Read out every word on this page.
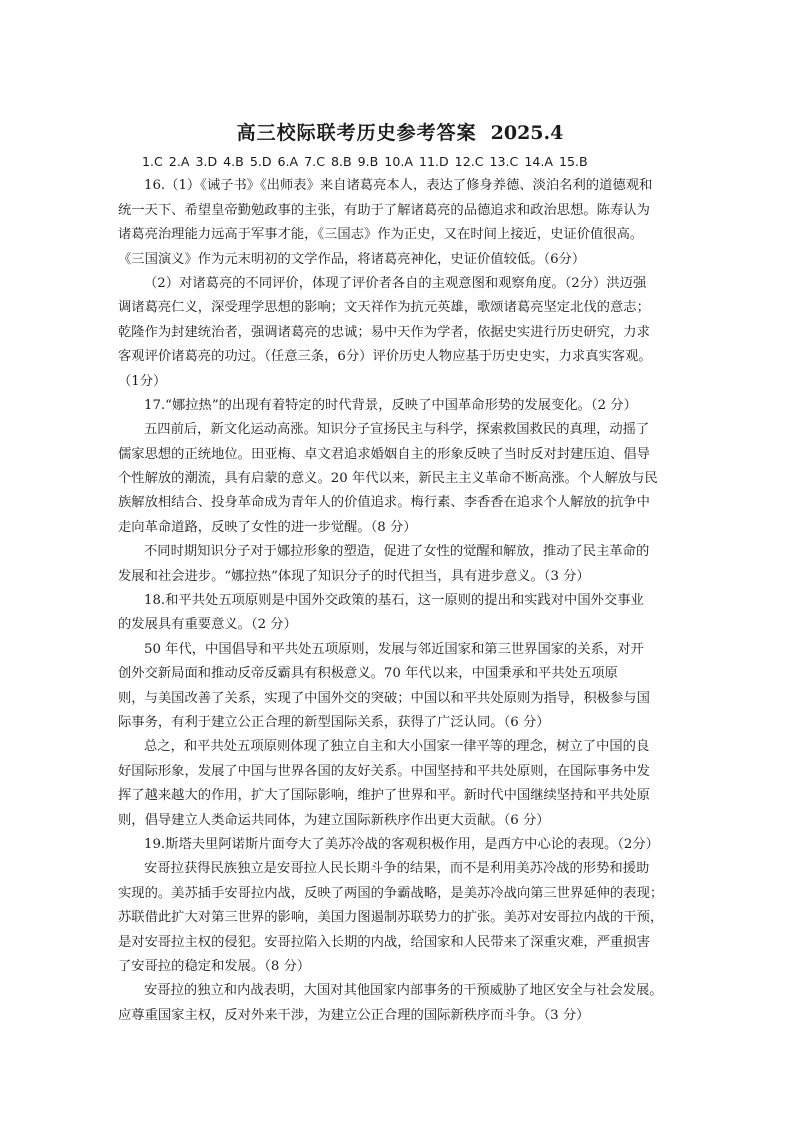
高三校际联考历史参考答案 2025.4
1.C 2.A 3.D 4.B 5.D 6.A 7.C 8.B 9.B 10.A 11.D 12.C 13.C 14.A 15.B
16.（1）《诫子书》《出师表》来自诸葛亮本人，表达了修身养德、淡泊名利的道德观和
统一天下、希望皇帝勤勉政事的主张，有助于了解诸葛亮的品德追求和政治思想。陈寿认为
诸葛亮治理能力远高于军事才能，《三国志》作为正史，又在时间上接近，史证价值很高。
《三国演义》作为元末明初的文学作品，将诸葛亮神化，史证价值较低。（6分）
（2）对诸葛亮的不同评价，体现了评价者各自的主观意图和观察角度。（2分）洪迈强
调诸葛亮仁义，深受理学思想的影响；文天祥作为抗元英雄，歌颂诸葛亮坚定北伐的意志；
乾隆作为封建统治者，强调诸葛亮的忠诚；易中天作为学者，依据史实进行历史研究，力求
客观评价诸葛亮的功过。（任意三条，6分）评价历史人物应基于历史史实，力求真实客观。
（1分）
17.“娜拉热”的出现有着特定的时代背景，反映了中国革命形势的发展变化。（2 分）
五四前后，新文化运动高涨。知识分子宣扬民主与科学，探索救国救民的真理，动摇了
儒家思想的正统地位。田亚梅、卓文君追求婚姻自主的形象反映了当时反对封建压迫、倡导
个性解放的潮流，具有启蒙的意义。20 年代以来，新民主主义革命不断高涨。个人解放与民
族解放相结合、投身革命成为青年人的价值追求。梅行素、李香香在追求个人解放的抗争中
走向革命道路，反映了女性的进一步觉醒。（8 分）
不同时期知识分子对于娜拉形象的塑造，促进了女性的觉醒和解放，推动了民主革命的
发展和社会进步。“娜拉热”体现了知识分子的时代担当，具有进步意义。（3 分）
18.和平共处五项原则是中国外交政策的基石，这一原则的提出和实践对中国外交事业
的发展具有重要意义。（2 分）
50 年代，中国倡导和平共处五项原则，发展与邻近国家和第三世界国家的关系，对开
创外交新局面和推动反帝反霸具有积极意义。70 年代以来，中国秉承和平共处五项原
则，与美国改善了关系，实现了中国外交的突破；中国以和平共处原则为指导，积极参与国
际事务，有利于建立公正合理的新型国际关系，获得了广泛认同。（6 分）
总之，和平共处五项原则体现了独立自主和大小国家一律平等的理念，树立了中国的良
好国际形象，发展了中国与世界各国的友好关系。中国坚持和平共处原则，在国际事务中发
挥了越来越大的作用，扩大了国际影响，维护了世界和平。新时代中国继续坚持和平共处原
则，倡导建立人类命运共同体，为建立国际新秩序作出更大贡献。（6 分）
19.斯塔夫里阿诺斯片面夸大了美苏冷战的客观积极作用，是西方中心论的表现。（2分）
安哥拉获得民族独立是安哥拉人民长期斗争的结果，而不是利用美苏冷战的形势和援助
实现的。美苏插手安哥拉内战，反映了两国的争霸战略，是美苏冷战向第三世界延伸的表现；
苏联借此扩大对第三世界的影响，美国力图遏制苏联势力的扩张。美苏对安哥拉内战的干预，
是对安哥拉主权的侵犯。安哥拉陷入长期的内战，给国家和人民带来了深重灾难，严重损害
了安哥拉的稳定和发展。（8 分）
安哥拉的独立和内战表明，大国对其他国家内部事务的干预威胁了地区安全与社会发展。
应尊重国家主权，反对外来干涉，为建立公正合理的国际新秩序而斗争。（3 分）
